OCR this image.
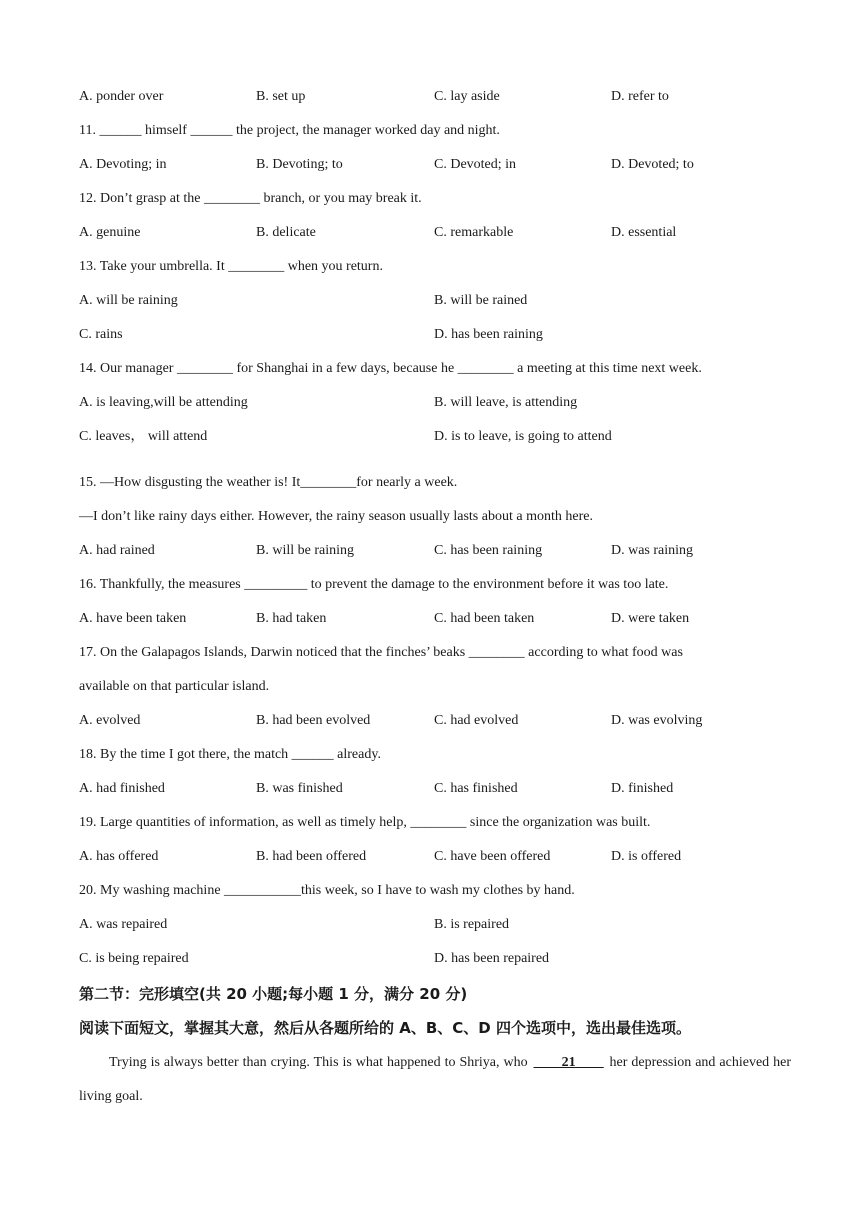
A. ponder over	B. set up	C. lay aside	D. refer to
11. ______ himself ______ the project, the manager worked day and night.
A. Devoting; in	B. Devoting; to	C. Devoted; in	D. Devoted; to
12. Don’t grasp at the ________ branch, or you may break it.
A. genuine	B. delicate	C. remarkable	D. essential
13. Take your umbrella. It ________ when you return.
A. will be raining	B. will be rained
C. rains	D. has been raining
14. Our manager ________ for Shanghai in a few days, because he ________ a meeting at this time next week.
A. is leaving,will be attending	B. will leave, is attending
C. leaves， will attend	D. is to leave, is going to attend
15. —How disgusting the weather is! It________for nearly a week.
—I don’t like rainy days either. However, the rainy season usually lasts about a month here.
A. had rained	B. will be raining	C. has been raining	D. was raining
16. Thankfully, the measures _________ to prevent the damage to the environment before it was too late.
A. have been taken	B. had taken	C. had been taken	D. were taken
17. On the Galapagos Islands, Darwin noticed that the finches’ beaks ________ according to what food was
available on that particular island.
A. evolved	B. had been evolved	C. had evolved	D. was evolving
18. By the time I got there, the match ______ already.
A. had finished	B. was finished	C. has finished	D. finished
19. Large quantities of information, as well as timely help, ________ since the organization was built.
A. has offered	B. had been offered	C. have been offered	D. is offered
20. My washing machine ___________this week, so I have to wash my clothes by hand.
A. was repaired	B. is repaired
C. is being repaired	D. has been repaired
第二节：完形填空(共 20 小题;每小题 1 分，满分 20 分)
阅读下面短文，掌握其大意，然后从各题所给的 A、B、C、D 四个选项中，选出最佳选项。
Trying is always better than crying. This is what happened to Shriya, who ____21____ her depression and achieved her living goal.
